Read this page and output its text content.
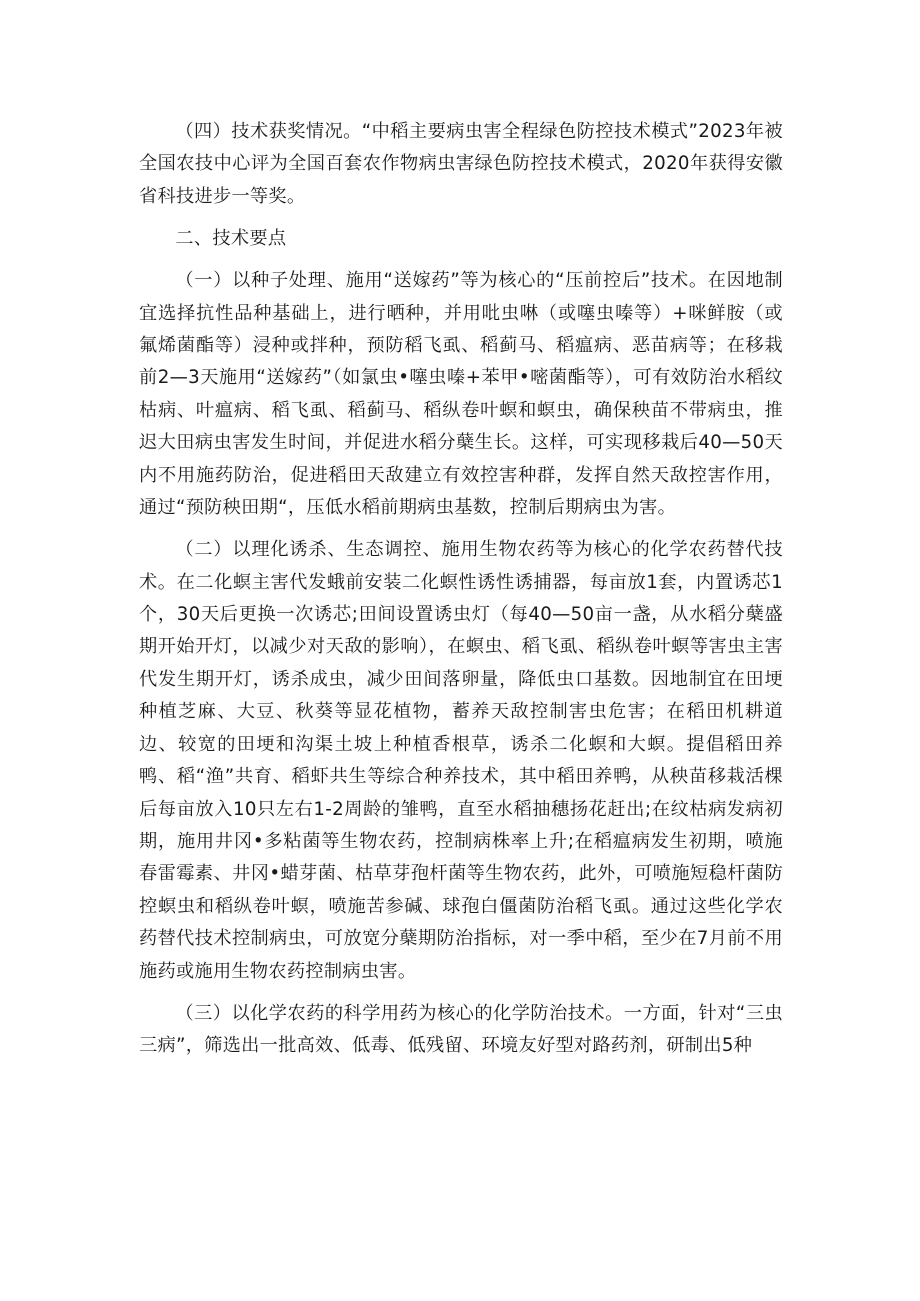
（四）技术获奖情况。“中稻主要病虫害全程绿色防控技术模式”2023年被全国农技中心评为全国百套农作物病虫害绿色防控技术模式，2020年获得安徽省科技进步一等奖。

二、技术要点

（一）以种子处理、施用“送嫁药”等为核心的“压前控后”技术。在因地制宜选择抗性品种基础上，进行晒种，并用吡虫啉（或噻虫嗪等）+咪鲜胺（或氟烯菌酯等）浸种或拌种，预防稻飞虱、稻蓟马、稻瘟病、恶苗病等；在移栽前2—3天施用“送嫁药”（如氯虫•噻虫嗪+苯甲•嘧菌酯等），可有效防治水稻纹枯病、叶瘟病、稻飞虱、稻蓟马、稻纵卷叶螟和螟虫，确保秧苗不带病虫，推迟大田病虫害发生时间，并促进水稻分蘖生长。这样，可实现移栽后40—50天内不用施药防治，促进稻田天敌建立有效控害种群，发挥自然天敌控害作用，通过“预防秧田期“，压低水稻前期病虫基数，控制后期病虫为害。

（二）以理化诱杀、生态调控、施用生物农药等为核心的化学农药替代技术。在二化螟主害代发蛾前安装二化螟性诱性诱捕器，每亩放1套，内置诱芯1个，30天后更换一次诱芯;田间设置诱虫灯（每40—50亩一盏，从水稻分蘖盛期开始开灯，以减少对天敌的影响），在螟虫、稻飞虱、稻纵卷叶螟等害虫主害代发生期开灯，诱杀成虫，减少田间落卵量，降低虫口基数。因地制宜在田埂种植芝麻、大豆、秋葵等显花植物，蓄养天敌控制害虫危害；在稻田机耕道边、较宽的田埂和沟渠土坡上种植香根草，诱杀二化螟和大螟。提倡稻田养鸭、稻“渔”共育、稻虾共生等综合种养技术，其中稻田养鸭，从秧苗移栽活棵后每亩放入10只左右1-2周龄的雏鸭，直至水稻抽穗扬花赶出;在纹枯病发病初期，施用井冈•多粘菌等生物农药，控制病株率上升;在稻瘟病发生初期，喷施春雷霉素、井冈•蜡芽菌、枯草芽孢杆菌等生物农药，此外，可喷施短稳杆菌防控螟虫和稻纵卷叶螟，喷施苦参碱、球孢白僵菌防治稻飞虱。通过这些化学农药替代技术控制病虫，可放宽分蘖期防治指标，对一季中稻，至少在7月前不用施药或施用生物农药控制病虫害。

（三）以化学农药的科学用药为核心的化学防治技术。一方面，针对“三虫三病”，筛选出一批高效、低毒、低残留、环境友好型对路药剂，研制出5种
